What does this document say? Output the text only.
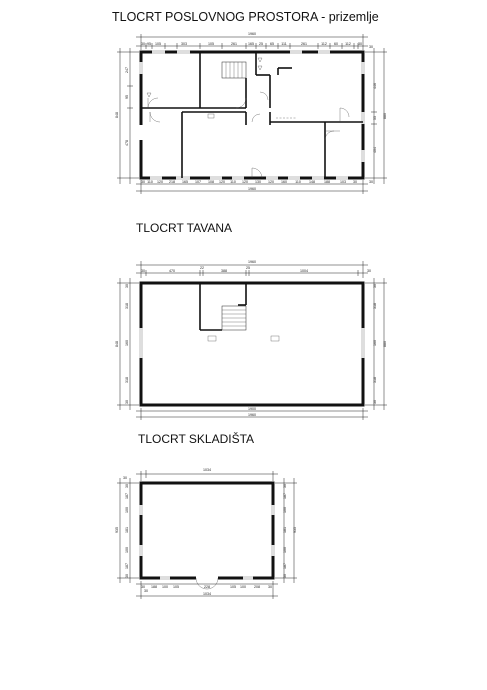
TLOCRT POSLOVNOG PROSTORA - prizemlje
TLOCRT TAVANA
TLOCRT SKLADIŠTA
1960
30 95 105	303	105	261	165 25 65 111	261	112 60 112 30
30
247
95
478
848
446
55
404
880
30 110 120 218 165 107 108 120 110 120 130 120 160 110 148	188	103 30
1960
30
1960
30	470
22
388
25
1004	30
30
318
160
318
30
848
30
318
160
318
30
880
1900
1960
1034
30
30
187
100
181
100
187
30
935
30
187
100
181
100
187
30
935
30 188 100 105	228	105 100 208 30
1034
30
